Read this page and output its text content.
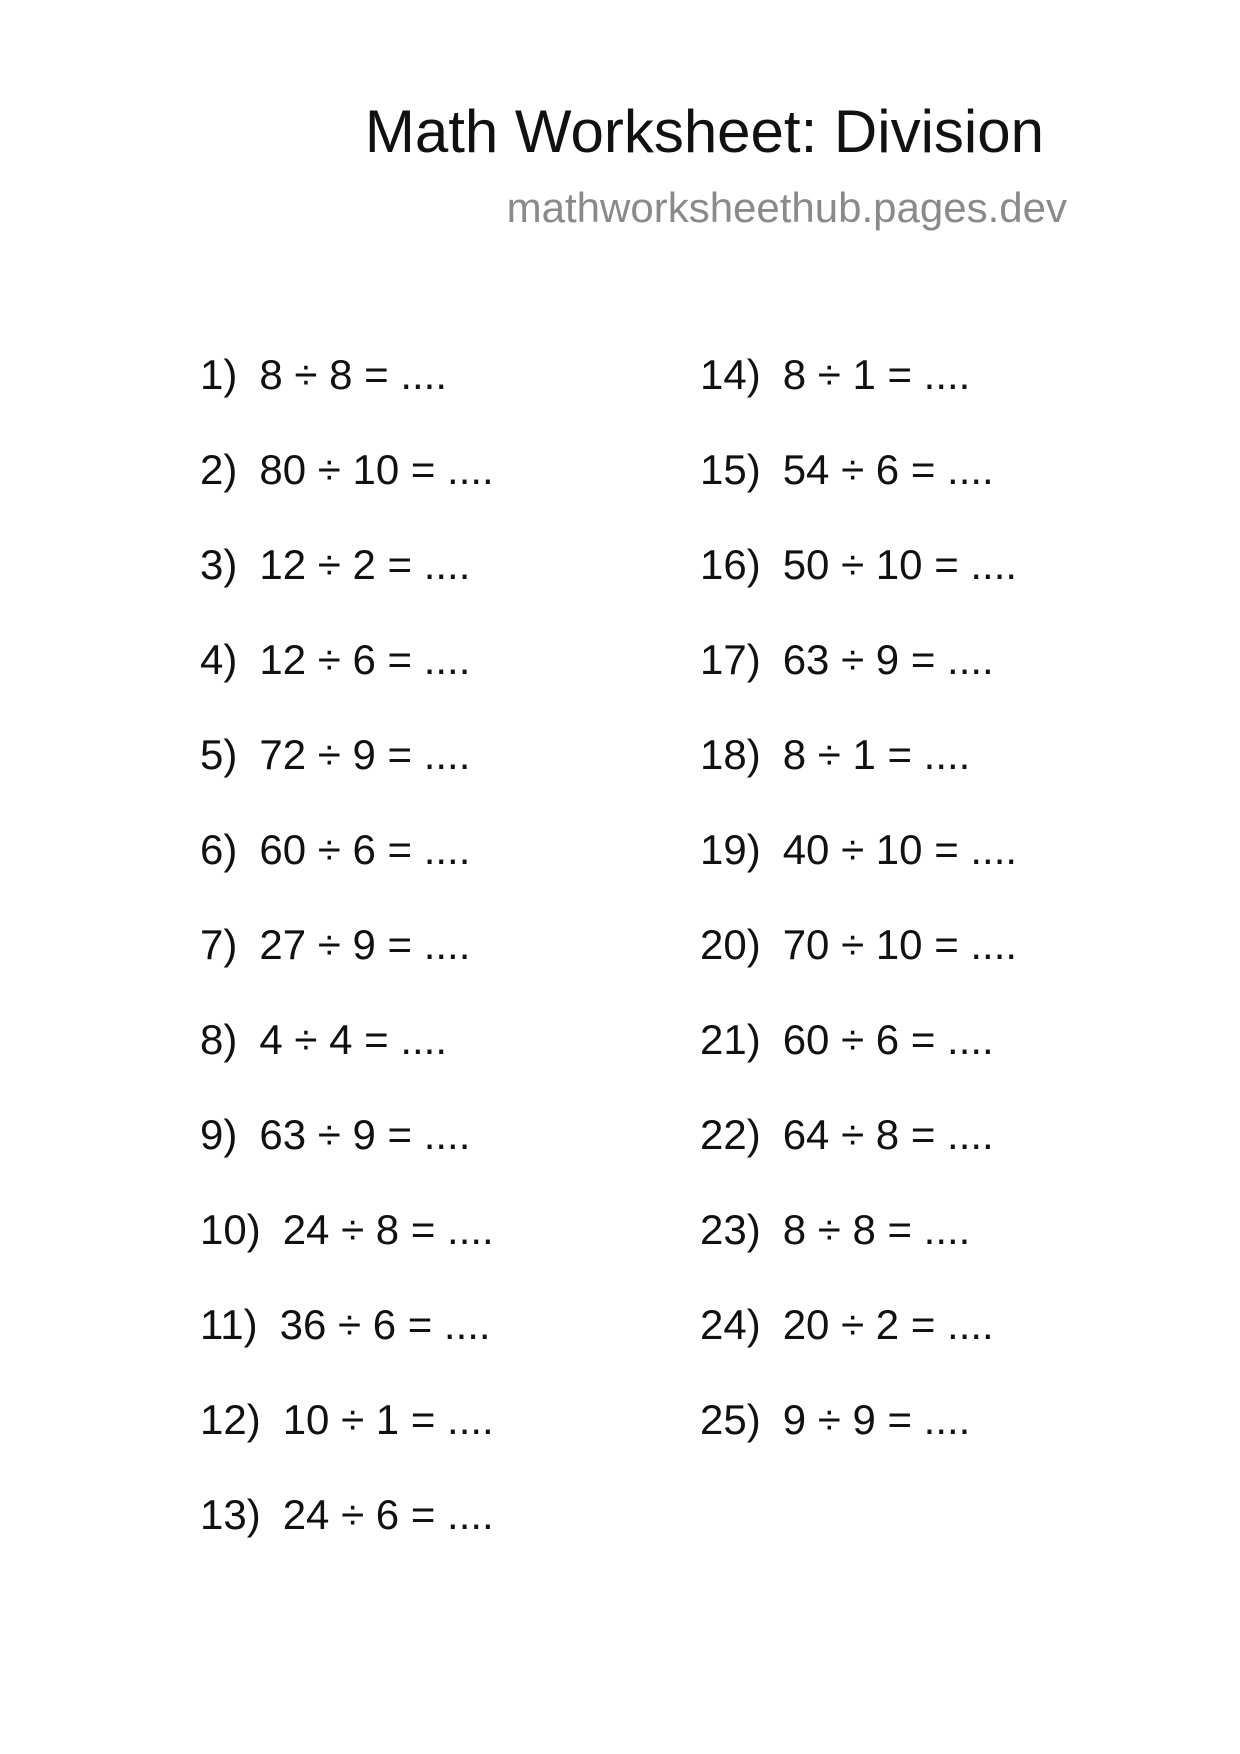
Math Worksheet: Division
mathworksheethub.pages.dev
1) 8 ÷ 8 = ....
2) 80 ÷ 10 = ....
3) 12 ÷ 2 = ....
4) 12 ÷ 6 = ....
5) 72 ÷ 9 = ....
6) 60 ÷ 6 = ....
7) 27 ÷ 9 = ....
8) 4 ÷ 4 = ....
9) 63 ÷ 9 = ....
10) 24 ÷ 8 = ....
11) 36 ÷ 6 = ....
12) 10 ÷ 1 = ....
13) 24 ÷ 6 = ....
14) 8 ÷ 1 = ....
15) 54 ÷ 6 = ....
16) 50 ÷ 10 = ....
17) 63 ÷ 9 = ....
18) 8 ÷ 1 = ....
19) 40 ÷ 10 = ....
20) 70 ÷ 10 = ....
21) 60 ÷ 6 = ....
22) 64 ÷ 8 = ....
23) 8 ÷ 8 = ....
24) 20 ÷ 2 = ....
25) 9 ÷ 9 = ....
